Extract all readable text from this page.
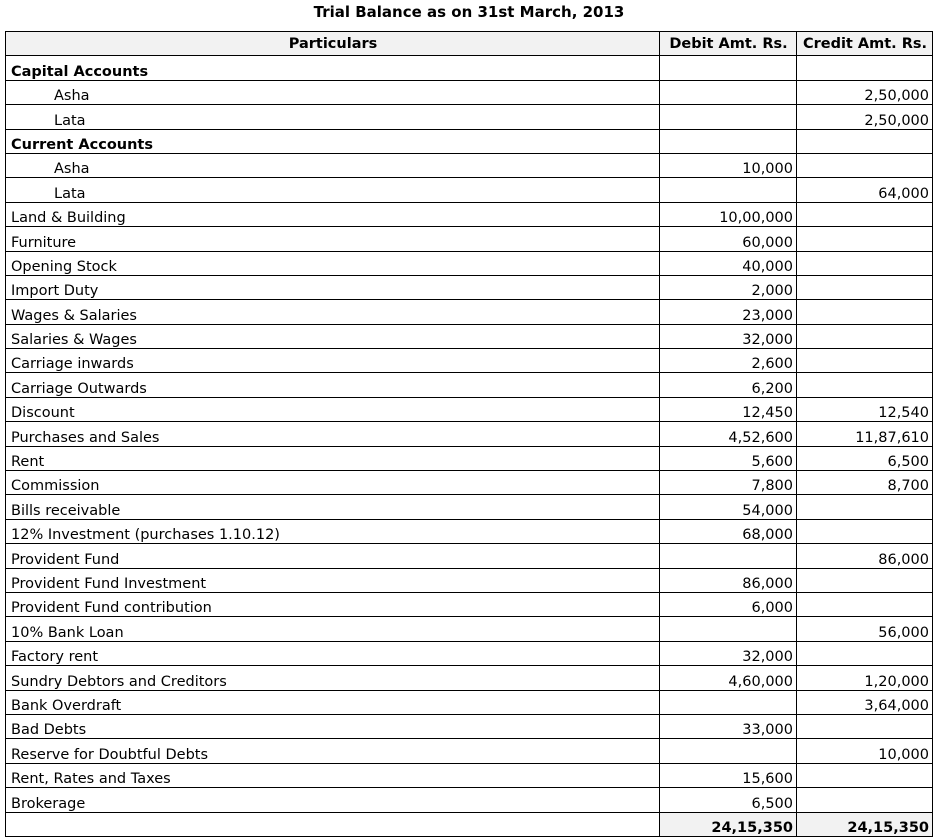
Trial Balance as on 31st March, 2013
Particulars	Debit Amt. Rs.	Credit Amt. Rs.
Capital Accounts		
Asha		2,50,000
Lata		2,50,000
Current Accounts		
Asha	10,000	
Lata		64,000
Land & Building	10,00,000	
Furniture	60,000	
Opening Stock	40,000	
Import Duty	2,000	
Wages & Salaries	23,000	
Salaries & Wages	32,000	
Carriage inwards	2,600	
Carriage Outwards	6,200	
Discount	12,450	12,540
Purchases and Sales	4,52,600	11,87,610
Rent	5,600	6,500
Commission	7,800	8,700
Bills receivable	54,000	
12% Investment (purchases 1.10.12)	68,000	
Provident Fund		86,000
Provident Fund Investment	86,000	
Provident Fund contribution	6,000	
10% Bank Loan		56,000
Factory rent	32,000	
Sundry Debtors and Creditors	4,60,000	1,20,000
Bank Overdraft		3,64,000
Bad Debts	33,000	
Reserve for Doubtful Debts		10,000
Rent, Rates and Taxes	15,600	
Brokerage	6,500	
	24,15,350	24,15,350
